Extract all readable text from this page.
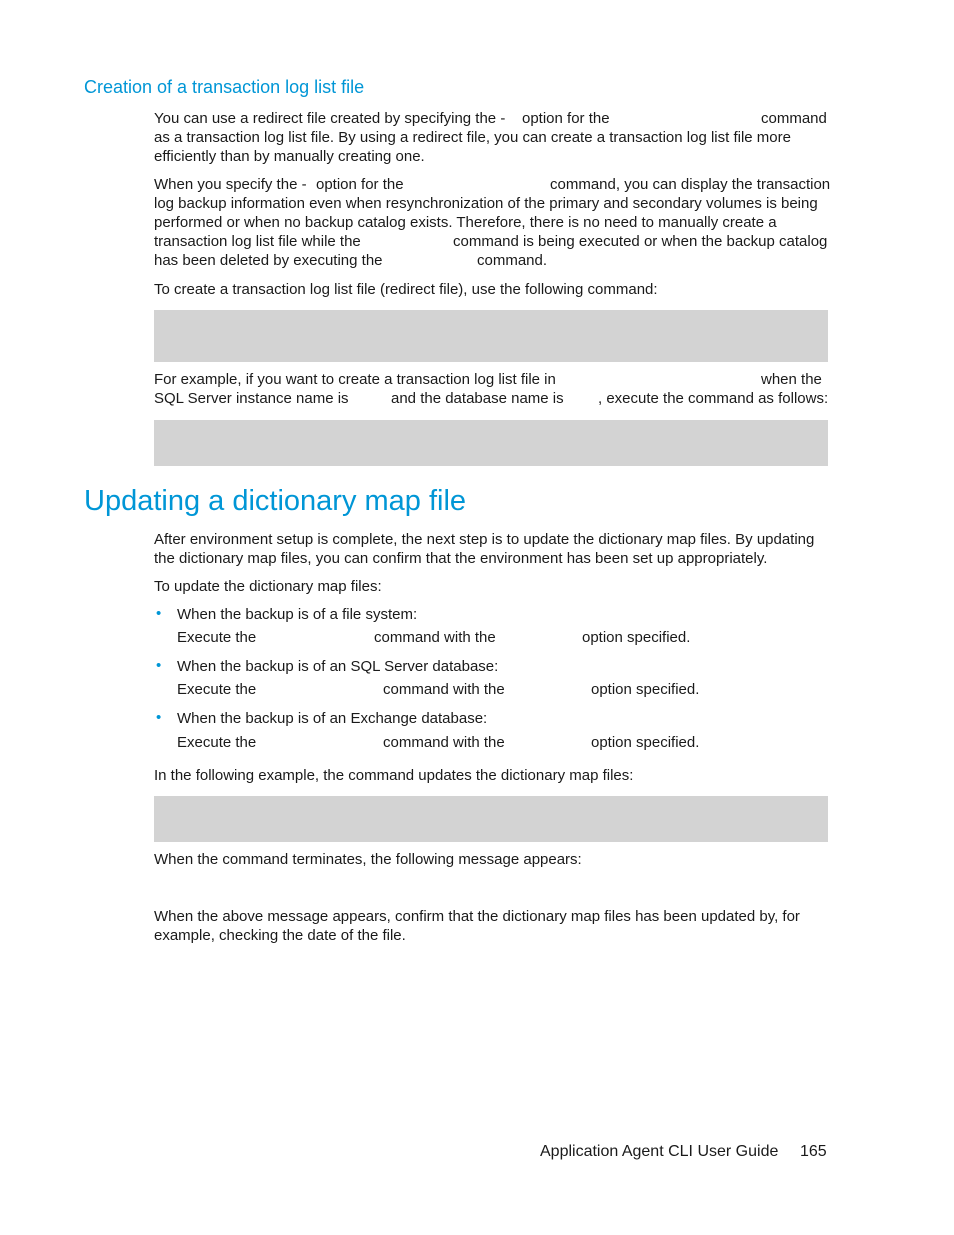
Creation of a transaction log list file
You can use a redirect file created by specifying the - option for the	command
as a transaction log list file. By using a redirect file, you can create a transaction log list file more
efficiently than by manually creating one.
When you specify the - option for the	command, you can display the transaction
log backup information even when resynchronization of the primary and secondary volumes is being
performed or when no backup catalog exists. Therefore, there is no need to manually create a
transaction log list file while the	command is being executed or when the backup catalog
has been deleted by executing the	command.
To create a transaction log list file (redirect file), use the following command:
For example, if you want to create a transaction log list file in	when the
SQL Server instance name is	and the database name is , execute the command as follows:
Updating a dictionary map file
After environment setup is complete, the next step is to update the dictionary map files. By updating
the dictionary map files, you can confirm that the environment has been set up appropriately.
To update the dictionary map files:
• When the backup is of a file system:
Execute the	command with the	option specified.
• When the backup is of an SQL Server database:
Execute the	command with the	option specified.
• When the backup is of an Exchange database:
Execute the	command with the	option specified.
In the following example, the command updates the dictionary map files:
When the command terminates, the following message appears:
When the above message appears, confirm that the dictionary map files has been updated by, for
example, checking the date of the file.
Application Agent CLI User Guide 165
